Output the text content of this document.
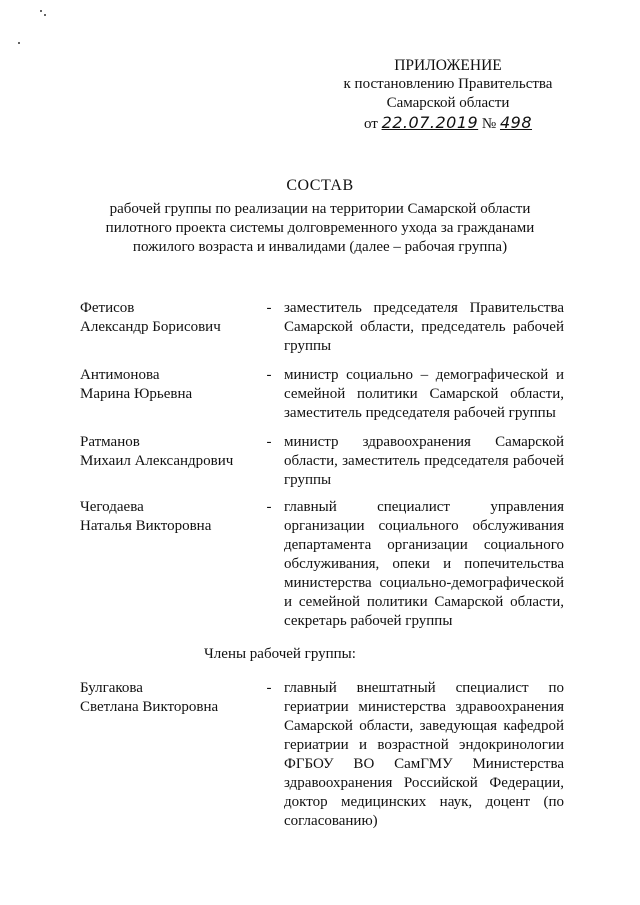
ПРИЛОЖЕНИЕ
к постановлению Правительства
Самарской области
от 22.07.2019 № 498
СОСТАВ
рабочей группы по реализации на территории Самарской области пилотного проекта системы долговременного ухода за гражданами пожилого возраста и инвалидами (далее – рабочая группа)
Фетисов
Александр Борисович
- заместитель председателя Правительства Самарской области, председатель рабочей группы
Антимонова
Марина Юрьевна
- министр социально – демографической и семейной политики Самарской области, заместитель председателя рабочей группы
Ратманов
Михаил Александрович
- министр здравоохранения Самарской области, заместитель председателя рабочей группы
Чегодаева
Наталья Викторовна
- главный специалист управления организации социального обслуживания департамента организации социального обслуживания, опеки и попечительства министерства социально-демографической и семейной политики Самарской области, секретарь рабочей группы
Члены рабочей группы:
Булгакова
Светлана Викторовна
- главный внештатный специалист по гериатрии министерства здравоохранения Самарской области, заведующая кафедрой гериатрии и возрастной эндокринологии ФГБОУ ВО СамГМУ Министерства здравоохранения Российской Федерации, доктор медицинских наук, доцент (по согласованию)
